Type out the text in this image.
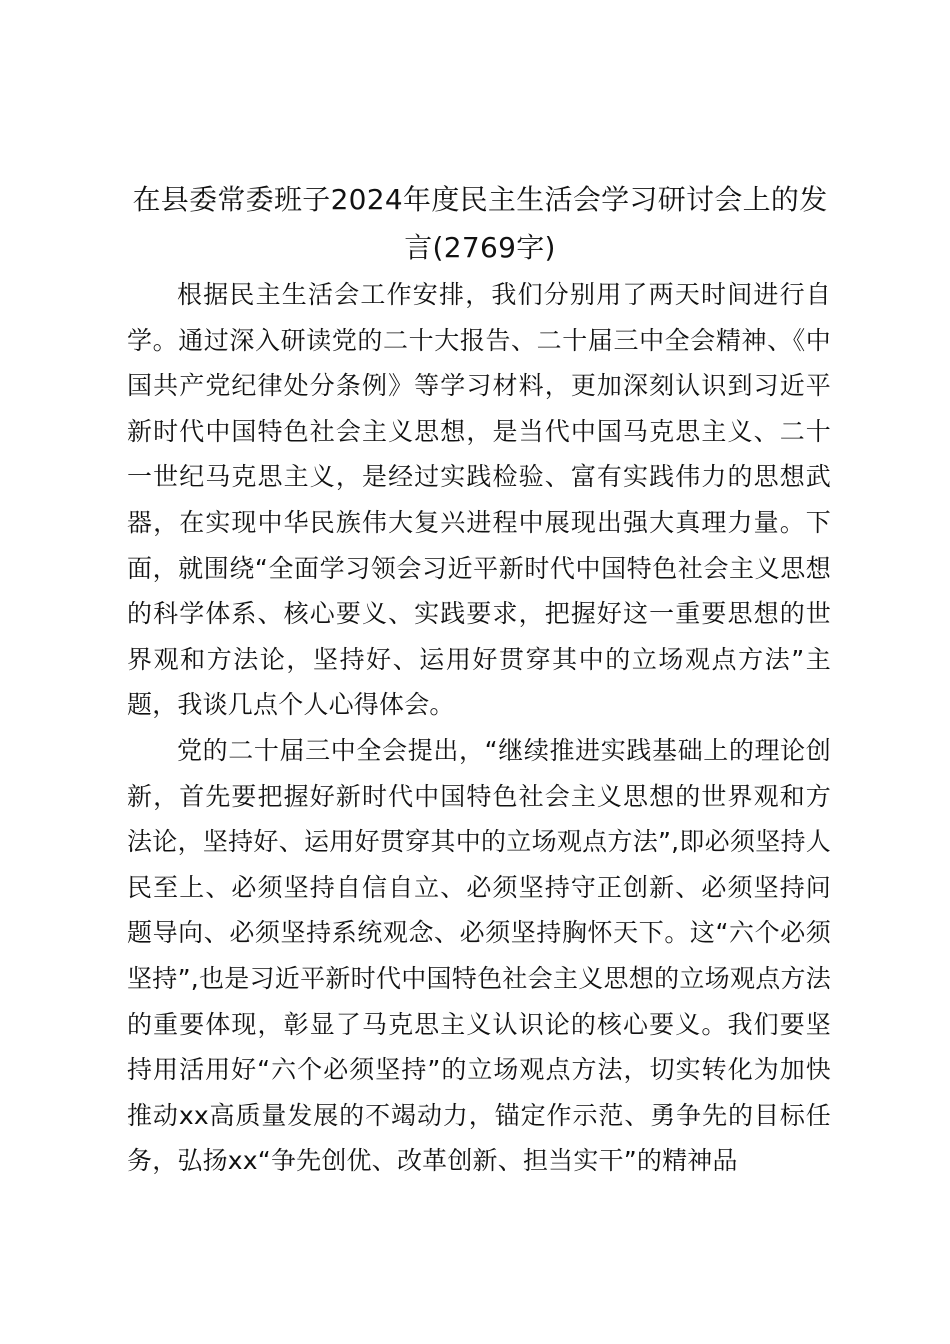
在县委常委班子2024年度民主生活会学习研讨会上的发言(2769字)

根据民主生活会工作安排，我们分别用了两天时间进行自学。通过深入研读党的二十大报告、二十届三中全会精神、《中国共产党纪律处分条例》等学习材料，更加深刻认识到习近平新时代中国特色社会主义思想，是当代中国马克思主义、二十一世纪马克思主义，是经过实践检验、富有实践伟力的思想武器，在实现中华民族伟大复兴进程中展现出强大真理力量。下面，就围绕“全面学习领会习近平新时代中国特色社会主义思想的科学体系、核心要义、实践要求，把握好这一重要思想的世界观和方法论，坚持好、运用好贯穿其中的立场观点方法”主题，我谈几点个人心得体会。

党的二十届三中全会提出，“继续推进实践基础上的理论创新，首先要把握好新时代中国特色社会主义思想的世界观和方法论，坚持好、运用好贯穿其中的立场观点方法”,即必须坚持人民至上、必须坚持自信自立、必须坚持守正创新、必须坚持问题导向、必须坚持系统观念、必须坚持胸怀天下。这“六个必须坚持”,也是习近平新时代中国特色社会主义思想的立场观点方法的重要体现，彰显了马克思主义认识论的核心要义。我们要坚持用活用好“六个必须坚持”的立场观点方法，切实转化为加快推动xx高质量发展的不竭动力，锚定作示范、勇争先的目标任务，弘扬xx“争先创优、改革创新、担当实干”的精神品
